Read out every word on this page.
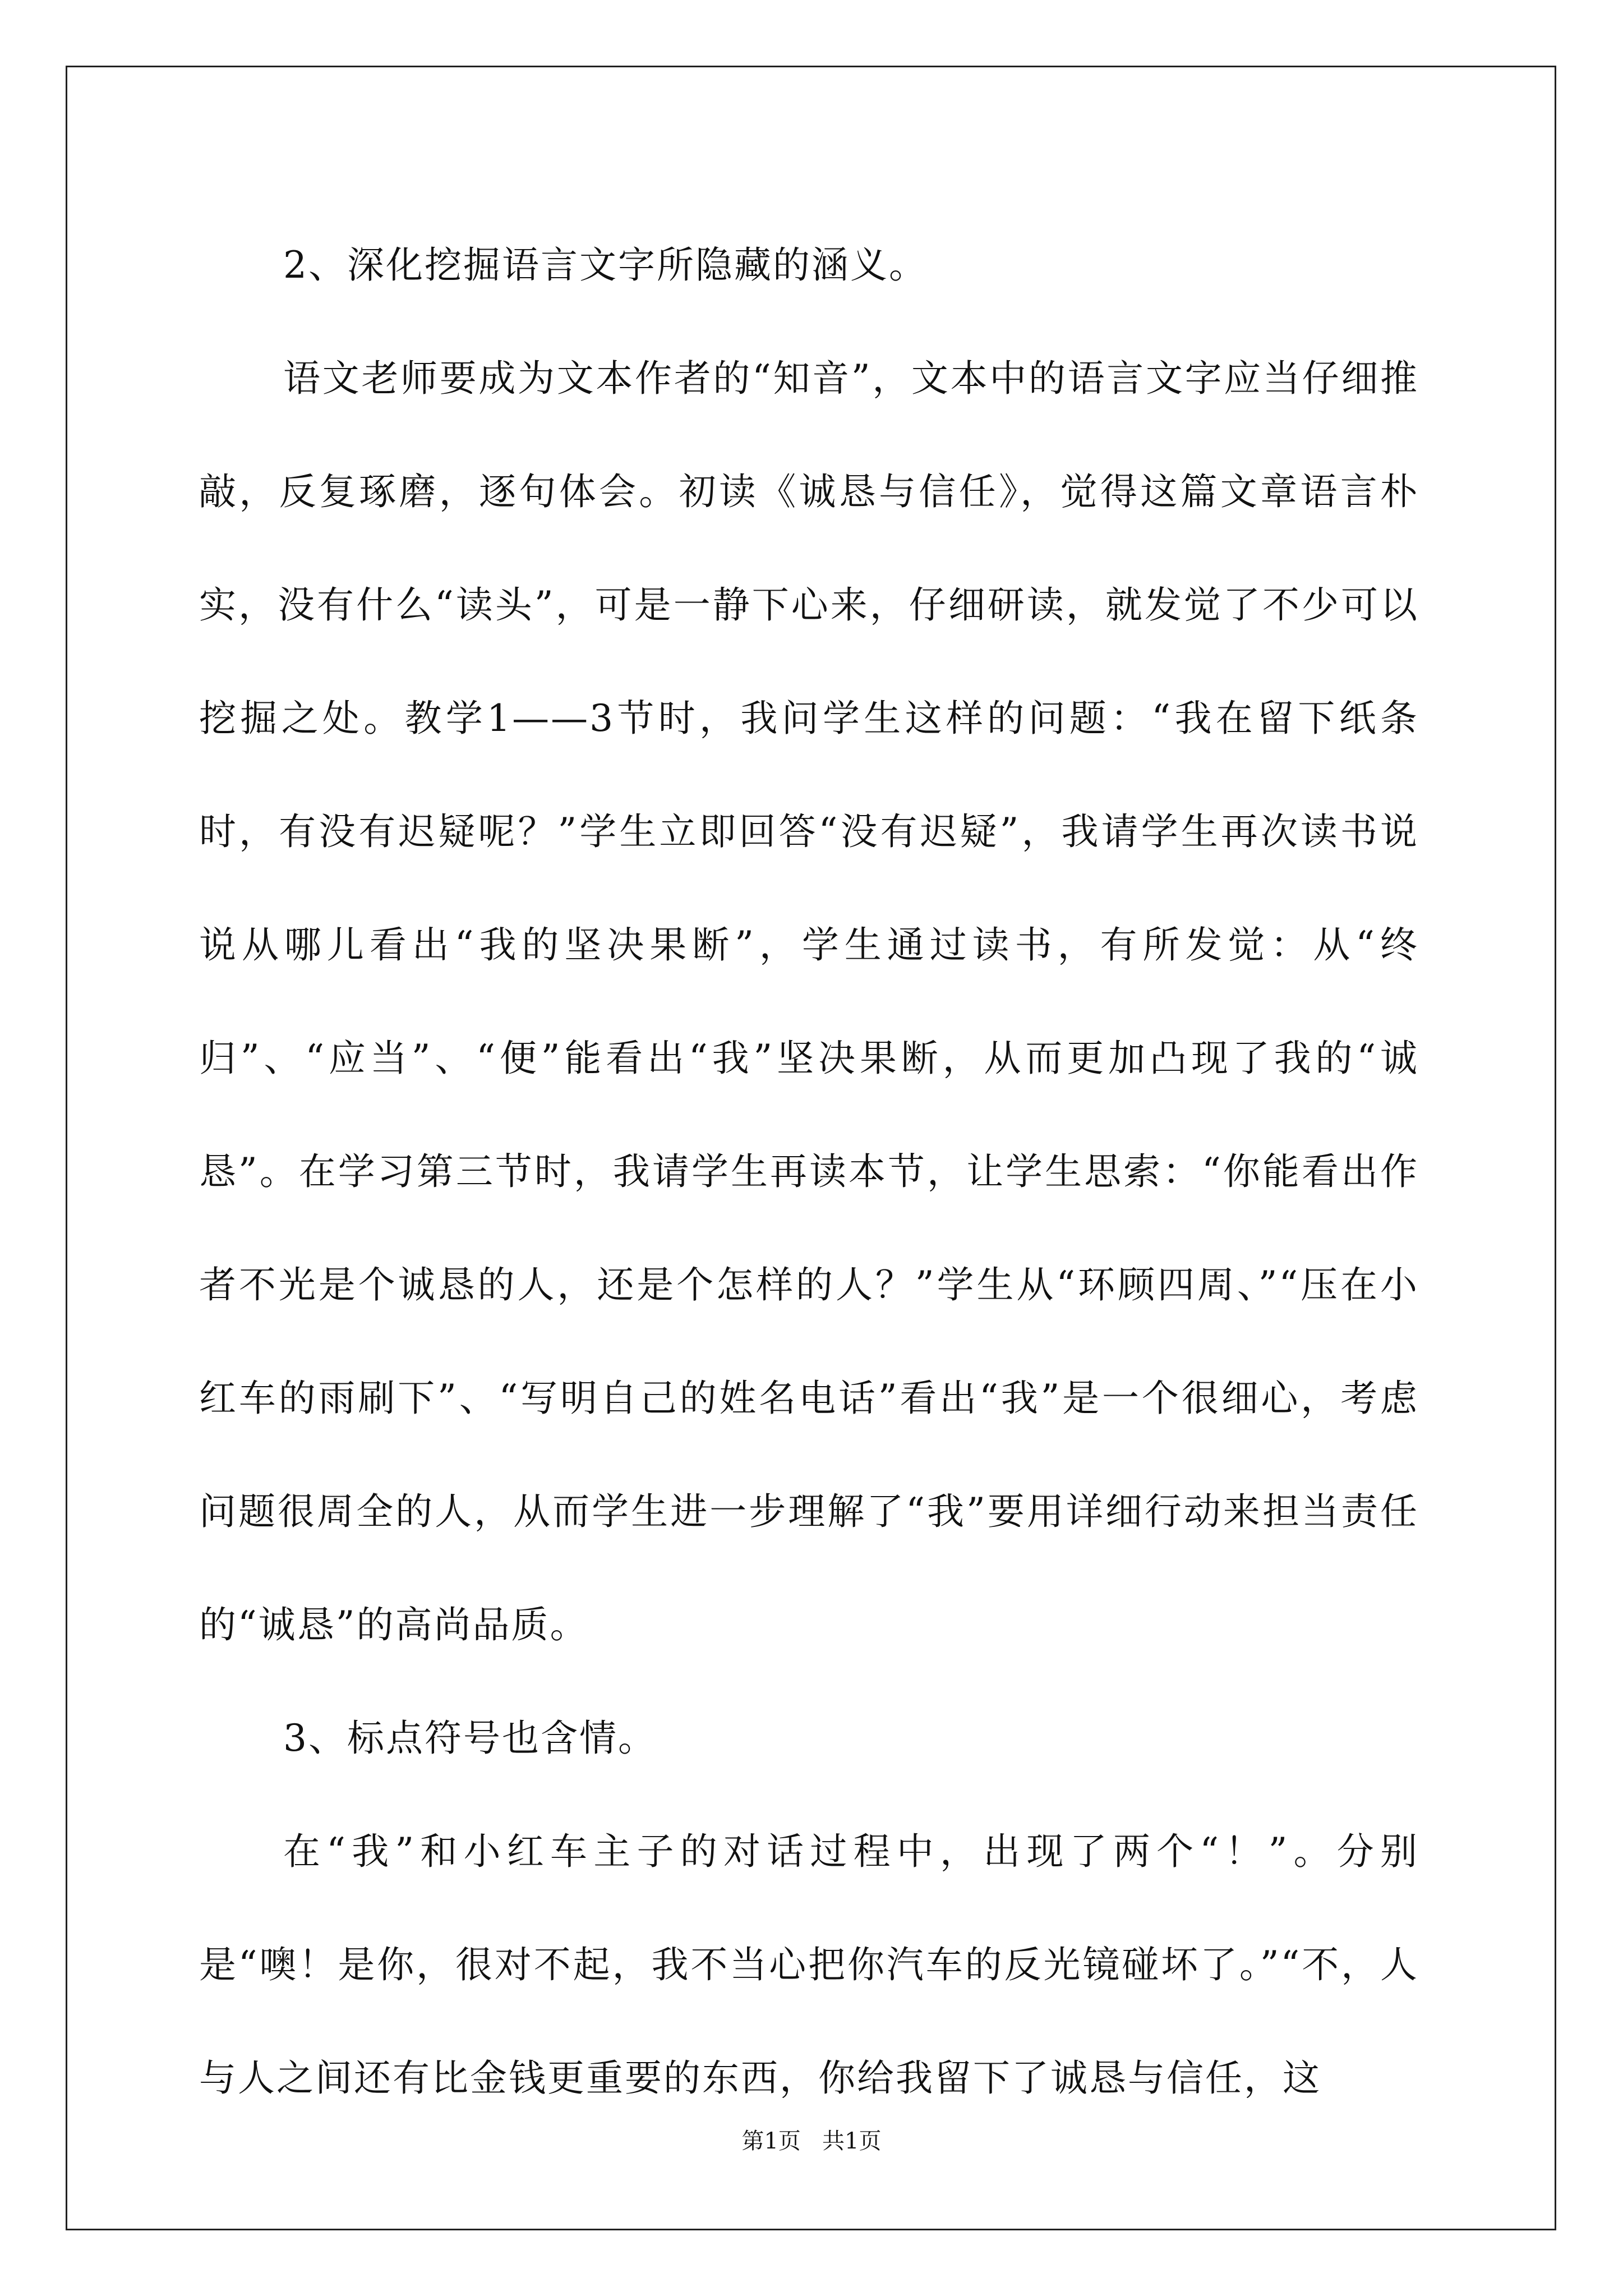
2、深化挖掘语言文字所隐藏的涵义。

语文老师要成为文本作者的“知音”，文本中的语言文字应当仔细推敲，反复琢磨，逐句体会。初读《诚恳与信任》，觉得这篇文章语言朴实，没有什么“读头”，可是一静下心来，仔细研读，就发觉了不少可以挖掘之处。教学1——3节时，我问学生这样的问题：“我在留下纸条时，有没有迟疑呢？”学生立即回答“没有迟疑”，我请学生再次读书说说从哪儿看出“我的坚决果断”，学生通过读书，有所发觉：从“终归”、“应当”、“便”能看出“我”坚决果断，从而更加凸现了我的“诚恳”。在学习第三节时，我请学生再读本节，让学生思索：“你能看出作者不光是个诚恳的人，还是个怎样的人？”学生从“环顾四周、”“压在小红车的雨刷下”、“写明自己的姓名电话”看出“我”是一个很细心，考虑问题很周全的人，从而学生进一步理解了“我”要用详细行动来担当责任的“诚恳”的高尚品质。

3、标点符号也含情。

在“我”和小红车主子的对话过程中，出现了两个“！”。分别是“噢！是你，很对不起，我不当心把你汽车的反光镜碰坏了。”“不，人与人之间还有比金钱更重要的东西，你给我留下了诚恳与信任，这

第1页   共1页
